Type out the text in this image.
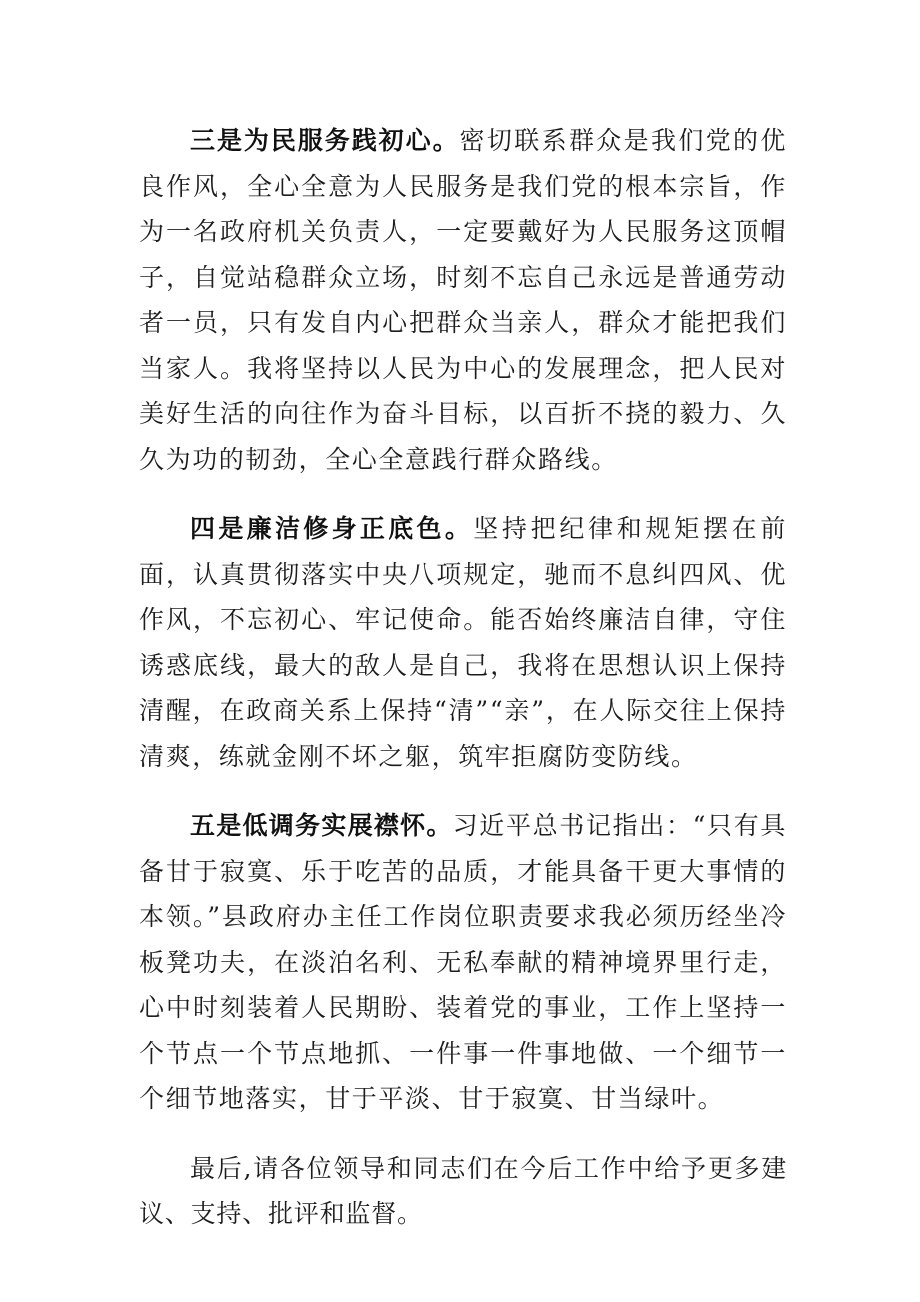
三是为民服务践初心。密切联系群众是我们党的优良作风，全心全意为人民服务是我们党的根本宗旨，作为一名政府机关负责人，一定要戴好为人民服务这顶帽子，自觉站稳群众立场，时刻不忘自己永远是普通劳动者一员，只有发自内心把群众当亲人，群众才能把我们当家人。我将坚持以人民为中心的发展理念，把人民对美好生活的向往作为奋斗目标，以百折不挠的毅力、久久为功的韧劲，全心全意践行群众路线。

四是廉洁修身正底色。坚持把纪律和规矩摆在前面，认真贯彻落实中央八项规定，驰而不息纠四风、优作风，不忘初心、牢记使命。能否始终廉洁自律，守住诱惑底线，最大的敌人是自己，我将在思想认识上保持清醒，在政商关系上保持“清”“亲”，在人际交往上保持清爽，练就金刚不坏之躯，筑牢拒腐防变防线。

五是低调务实展襟怀。习近平总书记指出：“只有具备甘于寂寞、乐于吃苦的品质，才能具备干更大事情的本领。”县政府办主任工作岗位职责要求我必须历经坐冷板凳功夫，在淡泊名利、无私奉献的精神境界里行走，心中时刻装着人民期盼、装着党的事业，工作上坚持一个节点一个节点地抓、一件事一件事地做、一个细节一个细节地落实，甘于平淡、甘于寂寞、甘当绿叶。

最后,请各位领导和同志们在今后工作中给予更多建议、支持、批评和监督。
